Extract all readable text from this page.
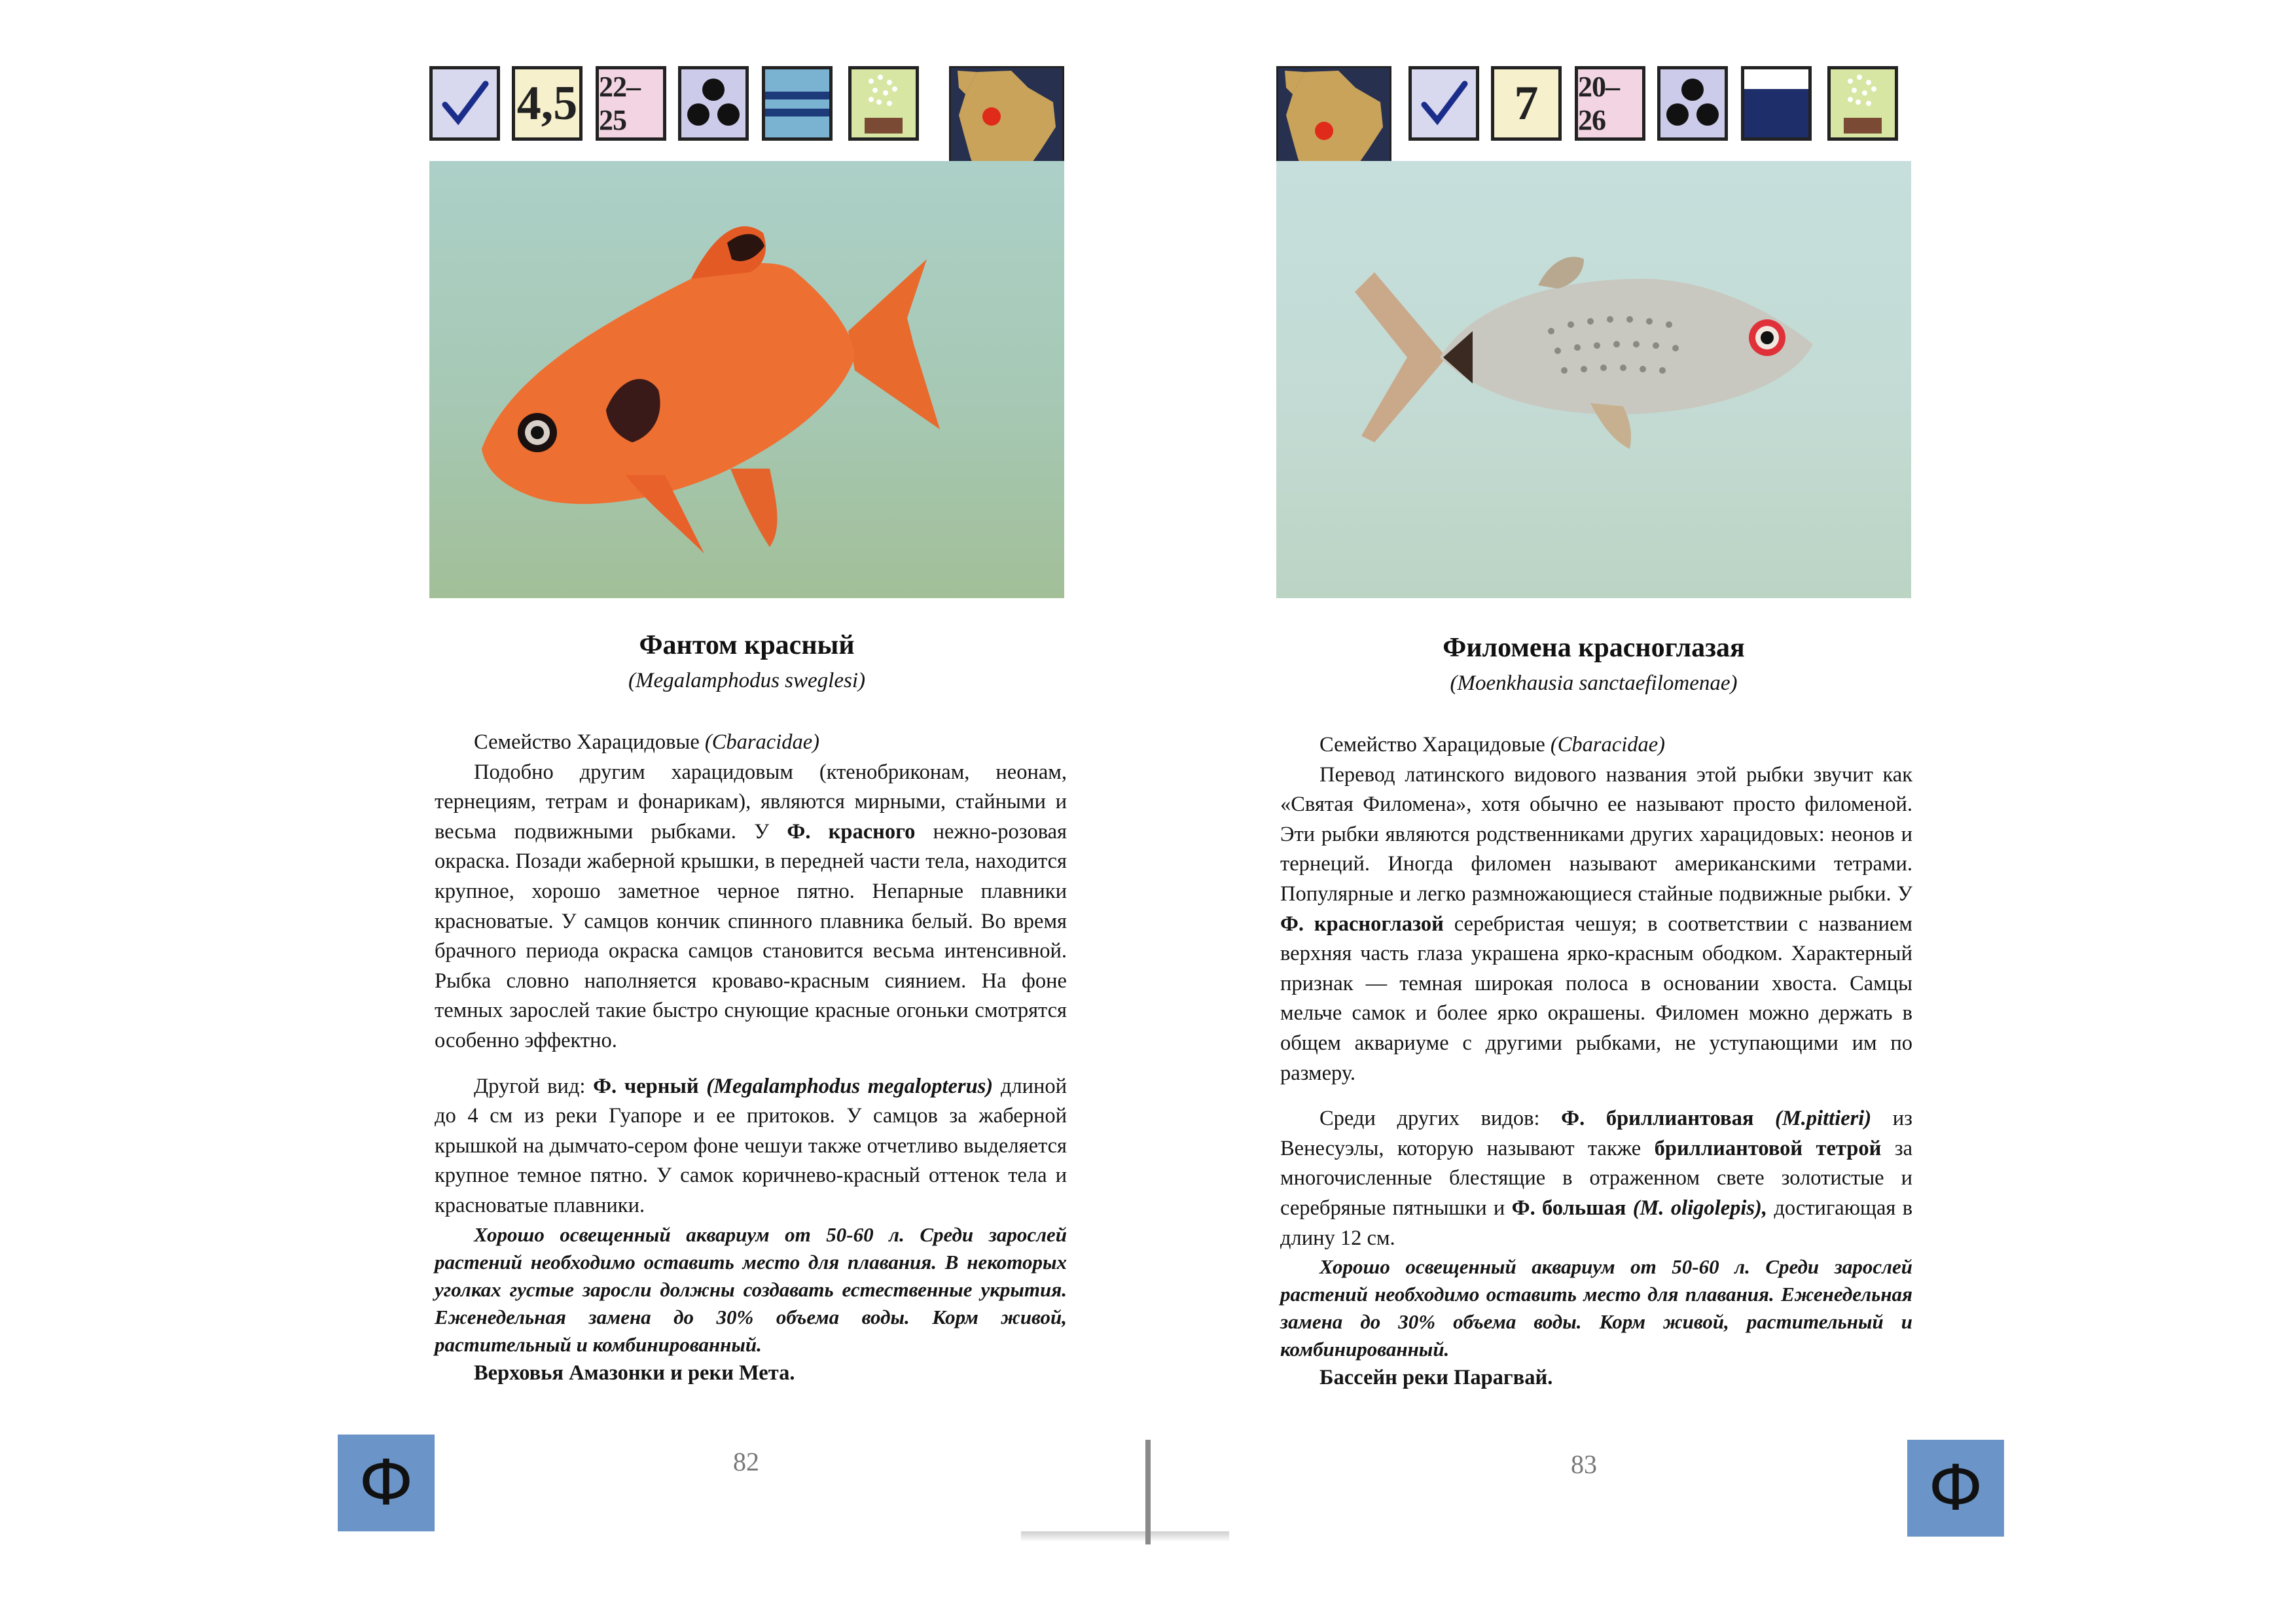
4,5 22–25
Фантом красный
(Megalamphodus sweglesi)

Семейство Харацидовые (Cbaracidae)

Подобно другим харацидовым (ктенобриконам, неонам, тернециям, тетрам и фонарикам), являются мирными, стайными и весьма подвижными рыбками. У Ф. красного нежно-розовая окраска. Позади жаберной крышки, в передней части тела, находится крупное, хорошо заметное черное пятно. Непарные плавники красноватые. У самцов кончик спинного плавника белый. Во время брачного периода окраска самцов становится весьма интенсивной. Рыбка словно наполняется кроваво-красным сиянием. На фоне темных зарослей такие быстро снующие красные огоньки смотрятся особенно эффектно.

Другой вид: Ф. черный (Megalamphodus megalopterus) длиной до 4 см из реки Гуапоре и ее притоков. У самцов за жаберной крышкой на дымчато-сером фоне чешуи также отчетливо выделяется крупное темное пятно. У самок коричнево-красный оттенок тела и красноватые плавники.

Хорошо освещенный аквариум от 50-60 л. Среди зарослей растений необходимо оставить место для плавания. В некоторых уголках густые заросли должны создавать естественные укрытия. Еженедельная замена до 30% объема воды. Корм живой, растительный и комбинированный.

Верховья Амазонки и реки Мета.

Ф	82
7 20–26
Филомена красноглазая
(Moenkhausia sanctaefilomenae)

Семейство Харацидовые (Cbaracidae)

Перевод латинского видового названия этой рыбки звучит как «Святая Филомена», хотя обычно ее называют просто филоменой. Эти рыбки являются родственниками других харацидовых: неонов и тернеций. Иногда филомен называют американскими тетрами. Популярные и легко размножающиеся стайные подвижные рыбки. У Ф. красноглазой серебристая чешуя; в соответствии с названием верхняя часть глаза украшена ярко-красным ободком. Характерный признак — темная широкая полоса в основании хвоста. Самцы мельче самок и более ярко окрашены. Филомен можно держать в общем аквариуме с другими рыбками, не уступающими им по размеру.

Среди других видов: Ф. бриллиантовая (M.pittieri) из Венесуэлы, которую называют также бриллиантовой тетрой за многочисленные блестящие в отраженном свете золотистые и серебряные пятнышки и Ф. большая (M. oligolepis), достигающая в длину 12 см.

Хорошо освещенный аквариум от 50-60 л. Среди зарослей растений необходимо оставить место для плавания. Еженедельная замена до 30% объема воды. Корм живой, растительный и комбинированный.

Бассейн реки Парагвай.

83	Ф
